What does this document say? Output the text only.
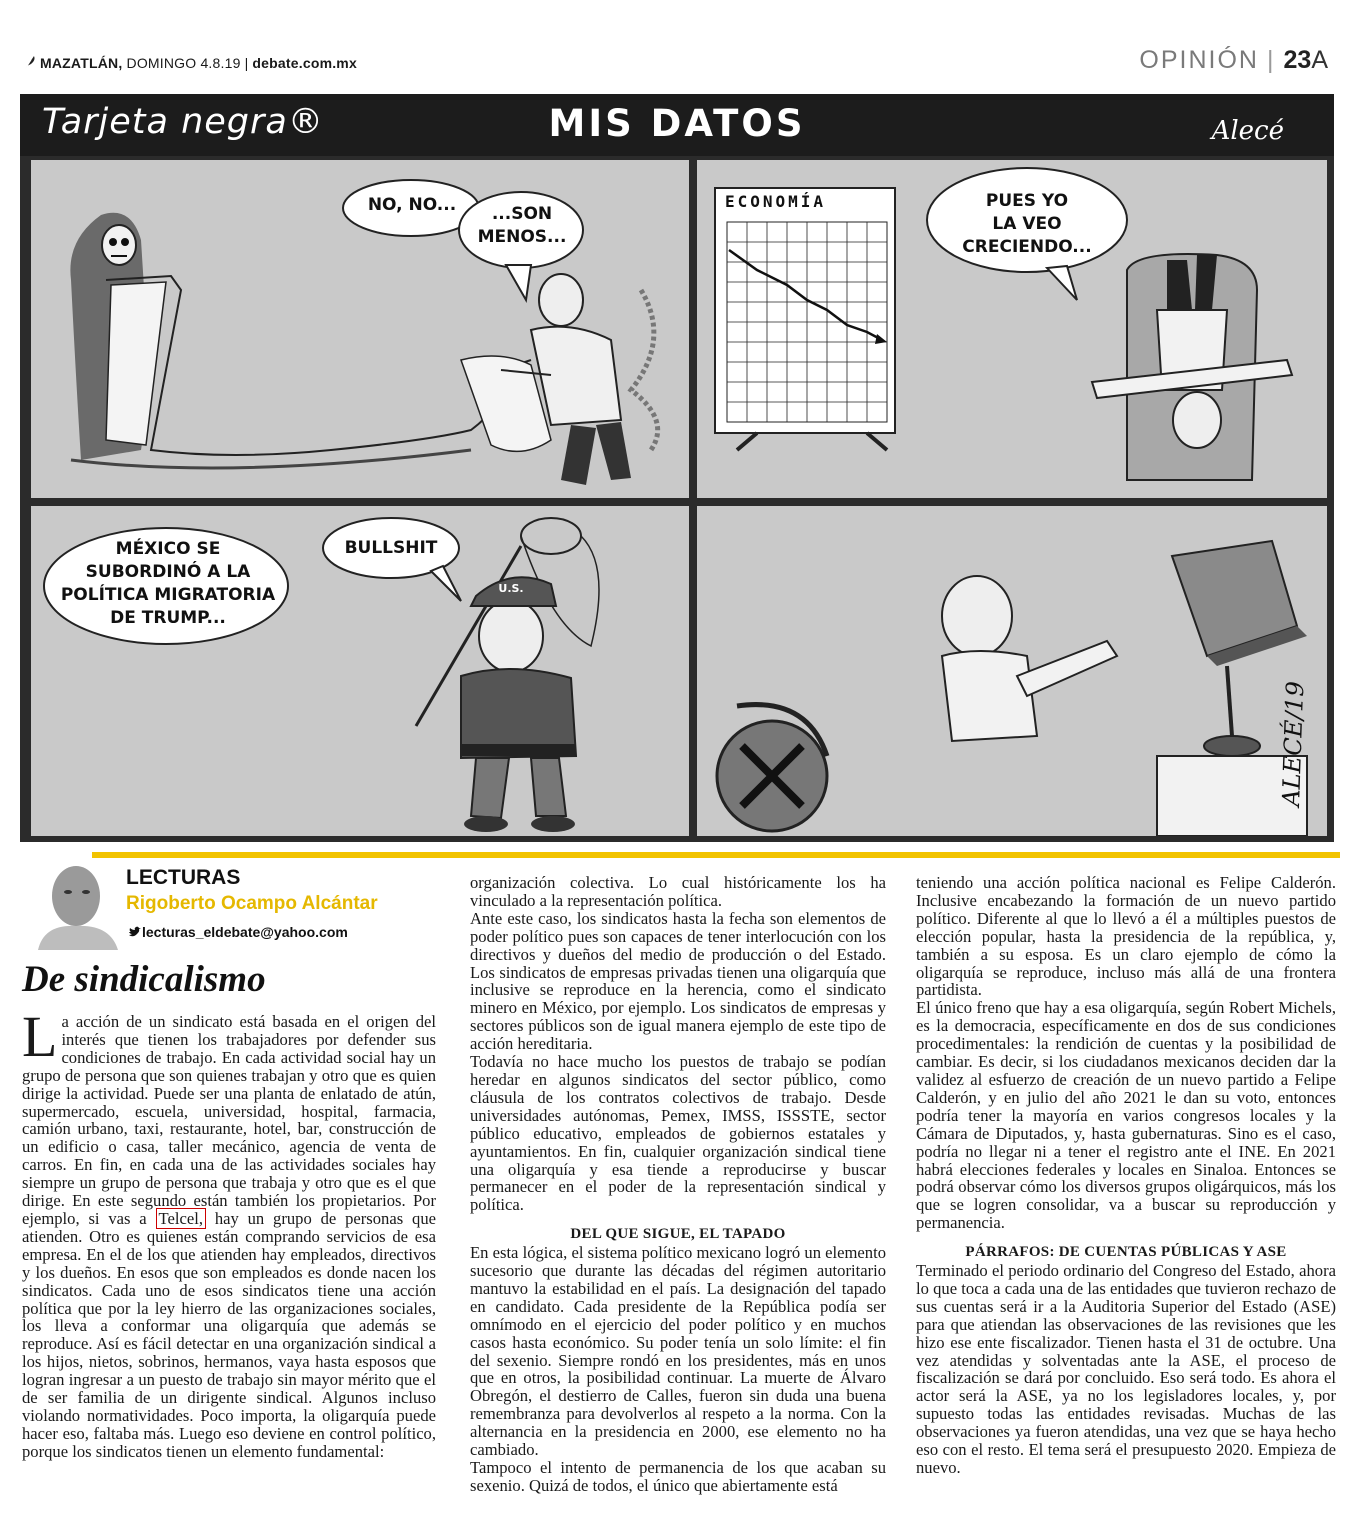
MAZATLÁN,
DOMINGO 4.8.19 | debate.com.mx	OPINIÓN | 23A
Tarjeta negra®	MIS DATOS	Alecé
NO, NO...	...SON
MENOS...
ECONOMÍA	PUES YO
LA VEO
CRECIENDO...
MÉXICO SE
SUBORDINÓ A LA
POLÍTICA MIGRATORIA
DE TRUMP...
BULLSHIT
U.S.
ALECÉ/19
LECTURAS
Rigoberto Ocampo Alcántar
lecturas_eldebate@yahoo.com
De sindicalismo

La acción de un sindicato está basada en el origen del interés que tienen los trabajadores por defender sus condiciones de trabajo. En cada actividad social hay un grupo de persona que son quienes trabajan y otro que es quien dirige la actividad. Puede ser una planta de enlatado de atún, supermercado, escuela, universidad, hospital, farmacia, camión urbano, taxi, restaurante, hotel, bar, construcción de un edificio o casa, taller mecánico, agencia de venta de carros. En fin, en cada una de las actividades sociales hay siempre un grupo de persona que trabaja y otro que es el que dirige. En este segundo están también los propietarios. Por ejemplo, si vas a Telcel, hay un grupo de personas que atienden. Otro es quienes están comprando servicios de esa empresa. En el de los que atienden hay empleados, directivos y los dueños. En esos que son empleados es donde nacen los sindicatos. Cada uno de esos sindicatos tiene una acción política que por la ley hierro de las organizaciones sociales, los lleva a conformar una oligarquía que además se reproduce. Así es fácil detectar en una organización sindical a los hijos, nietos, sobrinos, hermanos, vaya hasta esposos que logran ingresar a un puesto de trabajo sin mayor mérito que el de ser familia de un dirigente sindical. Algunos incluso violando normatividades. Poco importa, la oligarquía puede hacer eso, faltaba más. Luego eso deviene en control político, porque los sindicatos tienen un elemento fundamental:

organización colectiva. Lo cual históricamente los ha vinculado a la representación política.

Ante este caso, los sindicatos hasta la fecha son elementos de poder político pues son capaces de tener interlocución con los directivos y dueños del medio de producción o del Estado. Los sindicatos de empresas privadas tienen una oligarquía que inclusive se reproduce en la herencia, como el sindicato minero en México, por ejemplo. Los sindicatos de empresas y sectores públicos son de igual manera ejemplo de este tipo de acción hereditaria.

Todavía no hace mucho los puestos de trabajo se podían heredar en algunos sindicatos del sector público, como cláusula de los contratos colectivos de trabajo. Desde universidades autónomas, Pemex, IMSS, ISSSTE, sector público educativo, empleados de gobiernos estatales y ayuntamientos. En fin, cualquier organización sindical tiene una oligarquía y esa tiende a reproducirse y buscar permanecer en el poder de la representación sindical y política.

DEL QUE SIGUE, EL TAPADO

En esta lógica, el sistema político mexicano logró un elemento sucesorio que durante las décadas del régimen autoritario mantuvo la estabilidad en el país. La designación del tapado en candidato. Cada presidente de la República podía ser omnímodo en el ejercicio del poder político y en muchos casos hasta económico. Su poder tenía un solo límite: el fin del sexenio. Siempre rondó en los presidentes, más en unos que en otros, la posibilidad continuar. La muerte de Álvaro Obregón, el destierro de Calles, fueron sin duda una buena remembranza para devolverlos al respeto a la norma. Con la alternancia en la presidencia en 2000, ese elemento no ha cambiado.

Tampoco el intento de permanencia de los que acaban su sexenio. Quizá de todos, el único que abiertamente está

teniendo una acción política nacional es Felipe Calderón. Inclusive encabezando la formación de un nuevo partido político. Diferente al que lo llevó a él a múltiples puestos de elección popular, hasta la presidencia de la república, y, también a su esposa. Es un claro ejemplo de cómo la oligarquía se reproduce, incluso más allá de una frontera partidista.

El único freno que hay a esa oligarquía, según Robert Michels, es la democracia, específicamente en dos de sus condiciones procedimentales: la rendición de cuentas y la posibilidad de cambiar. Es decir, si los ciudadanos mexicanos deciden dar la validez al esfuerzo de creación de un nuevo partido a Felipe Calderón, y en julio del año 2021 le dan su voto, entonces podría tener la mayoría en varios congresos locales y la Cámara de Diputados, y, hasta gubernaturas. Sino es el caso, podría no llegar ni a tener el registro ante el INE. En 2021 habrá elecciones federales y locales en Sinaloa. Entonces se podrá observar cómo los diversos grupos oligárquicos, más los que se logren consolidar, va a buscar su reproducción y permanencia.

PÁRRAFOS: DE CUENTAS PÚBLICAS Y ASE

Terminado el periodo ordinario del Congreso del Estado, ahora lo que toca a cada una de las entidades que tuvieron rechazo de sus cuentas será ir a la Auditoria Superior del Estado (ASE) para que atiendan las observaciones de las revisiones que les hizo ese ente fiscalizador. Tienen hasta el 31 de octubre. Una vez atendidas y solventadas ante la ASE, el proceso de fiscalización se dará por concluido. Eso será todo. Es ahora el actor será la ASE, ya no los legisladores locales, y, por supuesto todas las entidades revisadas. Muchas de las observaciones ya fueron atendidas, una vez que se haya hecho eso con el resto. El tema será el presupuesto 2020. Empieza de nuevo.
